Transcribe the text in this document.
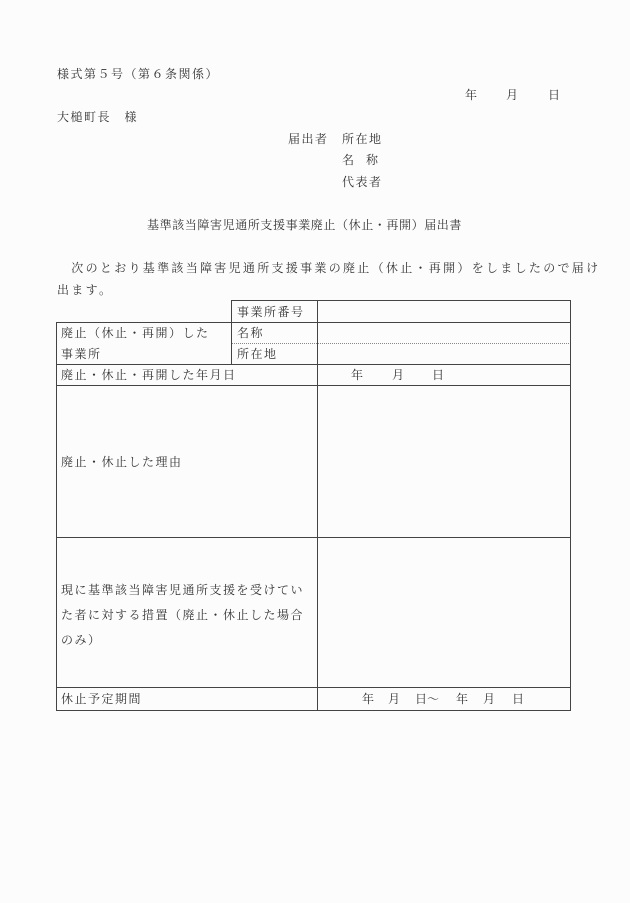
様式第５号（第６条関係）
年 月 日
大槌町長　様
届出者 所在地
名　称
代表者
基準該当障害児通所支援事業廃止（休止・再開）届出書
　次のとおり基準該当障害児通所支援事業の廃止（休止・再開）をしましたので届け
出ます。
事業所番号
廃止（休止・再開）した
事業所
名称
所在地
廃止・休止・再開した年月日	年 月 日
廃止・休止した理由
現に基準該当障害児通所支援を受けてい
た者に対する措置（廃止・休止した場合
のみ）
休止予定期間	年 月 日〜 年 月 日
